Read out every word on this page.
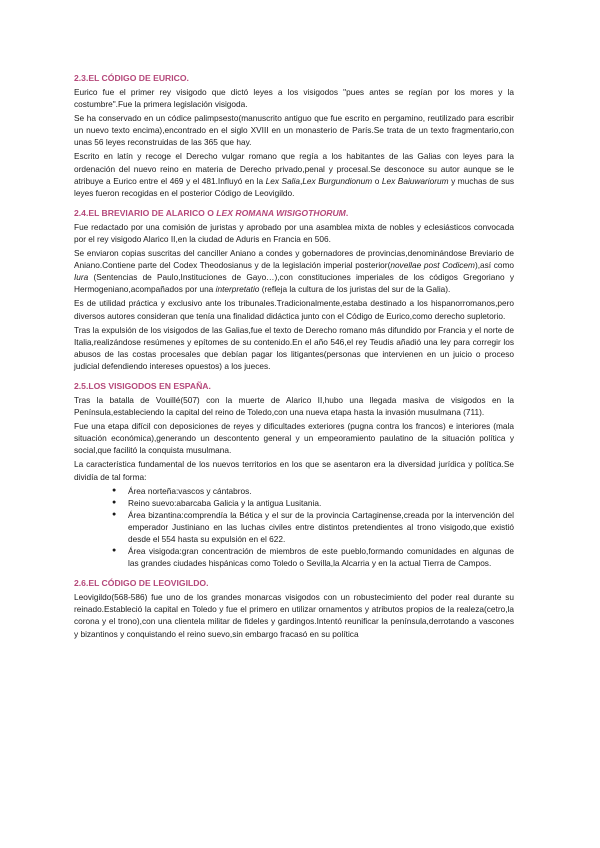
2.3.EL CÓDIGO DE EURICO.

Eurico fue el primer rey visigodo que dictó leyes a los visigodos "pues antes se regían por los mores y la costumbre".Fue la primera legislación visigoda.

Se ha conservado en un códice palimpsesto(manuscrito antiguo que fue escrito en pergamino, reutilizado para escribir un nuevo texto encima),encontrado en el siglo XVIII en un monasterio de París.Se trata de un texto fragmentario,con unas 56 leyes reconstruidas de las 365 que hay.

Escrito en latín y recoge el Derecho vulgar romano que regía a los habitantes de las Galias con leyes para la ordenación del nuevo reino en materia de Derecho privado,penal y procesal.Se desconoce su autor aunque se le atribuye a Eurico entre el 469 y el 481.Influyó en la Lex Salia,Lex Burgundionum o Lex Baiuwariorum y muchas de sus leyes fueron recogidas en el posterior Código de Leovigildo.

2.4.EL BREVIARIO DE ALARICO O LEX ROMANA WISIGOTHORUM.

Fue redactado por una comisión de juristas y aprobado por una asamblea mixta de nobles y eclesiásticos convocada por el rey visigodo Alarico II,en la ciudad de Aduris en Francia en 506.

Se enviaron copias suscritas del canciller Aniano a condes y gobernadores de provincias,denominándose Breviario de Aniano.Contiene parte del Codex Theodosianus y de la legislación imperial posterior(novellae post Codicem),así como Iura (Sentencias de Paulo,Instituciones de Gayo…),con constituciones imperiales de los códigos Gregoriano y Hermogeniano,acompañados por una interpretatio (refleja la cultura de los juristas del sur de la Galia).

Es de utilidad práctica y exclusivo ante los tribunales.Tradicionalmente,estaba destinado a los hispanorromanos,pero diversos autores consideran que tenía una finalidad didáctica junto con el Código de Eurico,como derecho supletorio.

Tras la expulsión de los visigodos de las Galias,fue el texto de Derecho romano más difundido por Francia y el norte de Italia,realizándose resúmenes y epítomes de su contenido.En el año 546,el rey Teudis añadió una ley para corregir los abusos de las costas procesales que debían pagar los litigantes(personas que intervienen en un juicio o proceso judicial defendiendo intereses opuestos) a los jueces.

2.5.LOS VISIGODOS EN ESPAÑA.

Tras la batalla de Vouillé(507) con la muerte de Alarico II,hubo una llegada masiva de visigodos en la Península,estableciendo la capital del reino de Toledo,con una nueva etapa hasta la invasión musulmana (711).

Fue una etapa difícil con deposiciones de reyes y dificultades exteriores (pugna contra los francos) e interiores (mala situación económica),generando un descontento general y un empeoramiento paulatino de la situación política y social,que facilitó la conquista musulmana.

La característica fundamental de los nuevos territorios en los que se asentaron era la diversidad jurídica y política.Se dividía de tal forma:

● Área norteña:vascos y cántabros.
● Reino suevo:abarcaba Galicia y la antigua Lusitania.
● Área bizantina:comprendía la Bética y el sur de la provincia Cartaginense,creada por la intervención del emperador Justiniano en las luchas civiles entre distintos pretendientes al trono visigodo,que existió desde el 554 hasta su expulsión en el 622.
● Área visigoda:gran concentración de miembros de este pueblo,formando comunidades en algunas de las grandes ciudades hispánicas como Toledo o Sevilla,la Alcarria y en la actual Tierra de Campos.
2.6.EL CÓDIGO DE LEOVIGILDO.

Leovigildo(568-586) fue uno de los grandes monarcas visigodos con un robustecimiento del poder real durante su reinado.Estableció la capital en Toledo y fue el primero en utilizar ornamentos y atributos propios de la realeza(cetro,la corona y el trono),con una clientela militar de fideles y gardingos.Intentó reunificar la península,derrotando a vascones y bizantinos y conquistando el reino suevo,sin embargo fracasó en su política
